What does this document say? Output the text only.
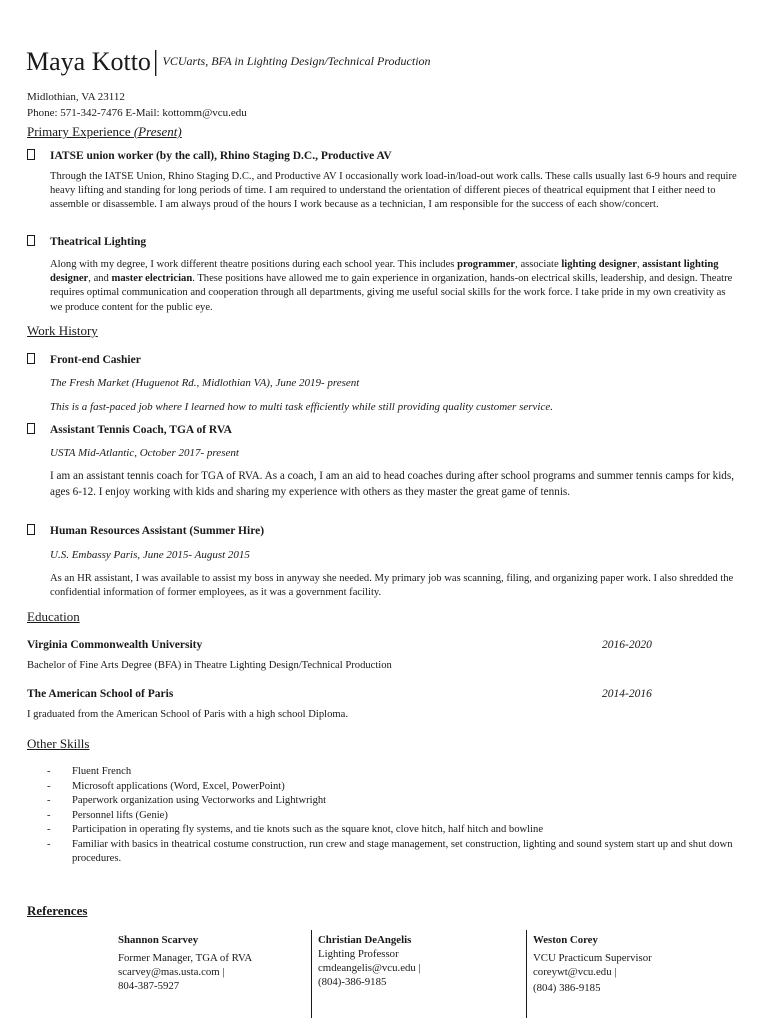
Maya Kotto| VCUarts, BFA in Lighting Design/Technical Production
Midlothian, VA 23112
Phone: 571-342-7476 E-Mail: kottomm@vcu.edu
Primary Experience (Present)
IATSE union worker (by the call), Rhino Staging D.C., Productive AV
Through the IATSE Union, Rhino Staging D.C., and Productive AV I occasionally work load-in/load-out work calls. These calls usually last 6-9 hours and require heavy lifting and standing for long periods of time. I am required to understand the orientation of different pieces of theatrical equipment that I either need to assemble or disassemble. I am always proud of the hours I work because as a technician, I am responsible for the success of each show/concert.
Theatrical Lighting
Along with my degree, I work different theatre positions during each school year. This includes programmer, associate lighting designer, assistant lighting designer, and master electrician. These positions have allowed me to gain experience in organization, hands-on electrical skills, leadership, and design. Theatre requires optimal communication and cooperation through all departments, giving me useful social skills for the work force. I take pride in my own creativity as we produce content for the public eye.
Work History
Front-end Cashier
The Fresh Market (Huguenot Rd., Midlothian VA), June 2019- present
This is a fast-paced job where I learned how to multi task efficiently while still providing quality customer service.
Assistant Tennis Coach, TGA of RVA
USTA Mid-Atlantic, October 2017- present
I am an assistant tennis coach for TGA of RVA. As a coach, I am an aid to head coaches during after school programs and summer tennis camps for kids, ages 6-12. I enjoy working with kids and sharing my experience with others as they master the great game of tennis.
Human Resources Assistant (Summer Hire)
U.S. Embassy Paris, June 2015- August 2015
As an HR assistant, I was available to assist my boss in anyway she needed. My primary job was scanning, filing, and organizing paper work. I also shredded the confidential information of former employees, as it was a government facility.
Education
Virginia Commonwealth University	2016-2020
Bachelor of Fine Arts Degree (BFA) in Theatre Lighting Design/Technical Production
The American School of Paris	2014-2016
I graduated from the American School of Paris with a high school Diploma.
Other Skills
- Fluent French
- Microsoft applications (Word, Excel, PowerPoint)
- Paperwork organization using Vectorworks and Lightwright
- Personnel lifts (Genie)
- Participation in operating fly systems, and tie knots such as the square knot, clove hitch, half hitch and bowline
- Familiar with basics in theatrical costume construction, run crew and stage management, set construction, lighting and sound system start up and shut down procedures.
References
Shannon Scarvey
Former Manager, TGA of RVA
scarvey@mas.usta.com |
804-387-5927
Christian DeAngelis
Lighting Professor
cmdeangelis@vcu.edu |
(804)-386-9185
Weston Corey
VCU Practicum Supervisor
coreywt@vcu.edu |
(804) 386-9185
